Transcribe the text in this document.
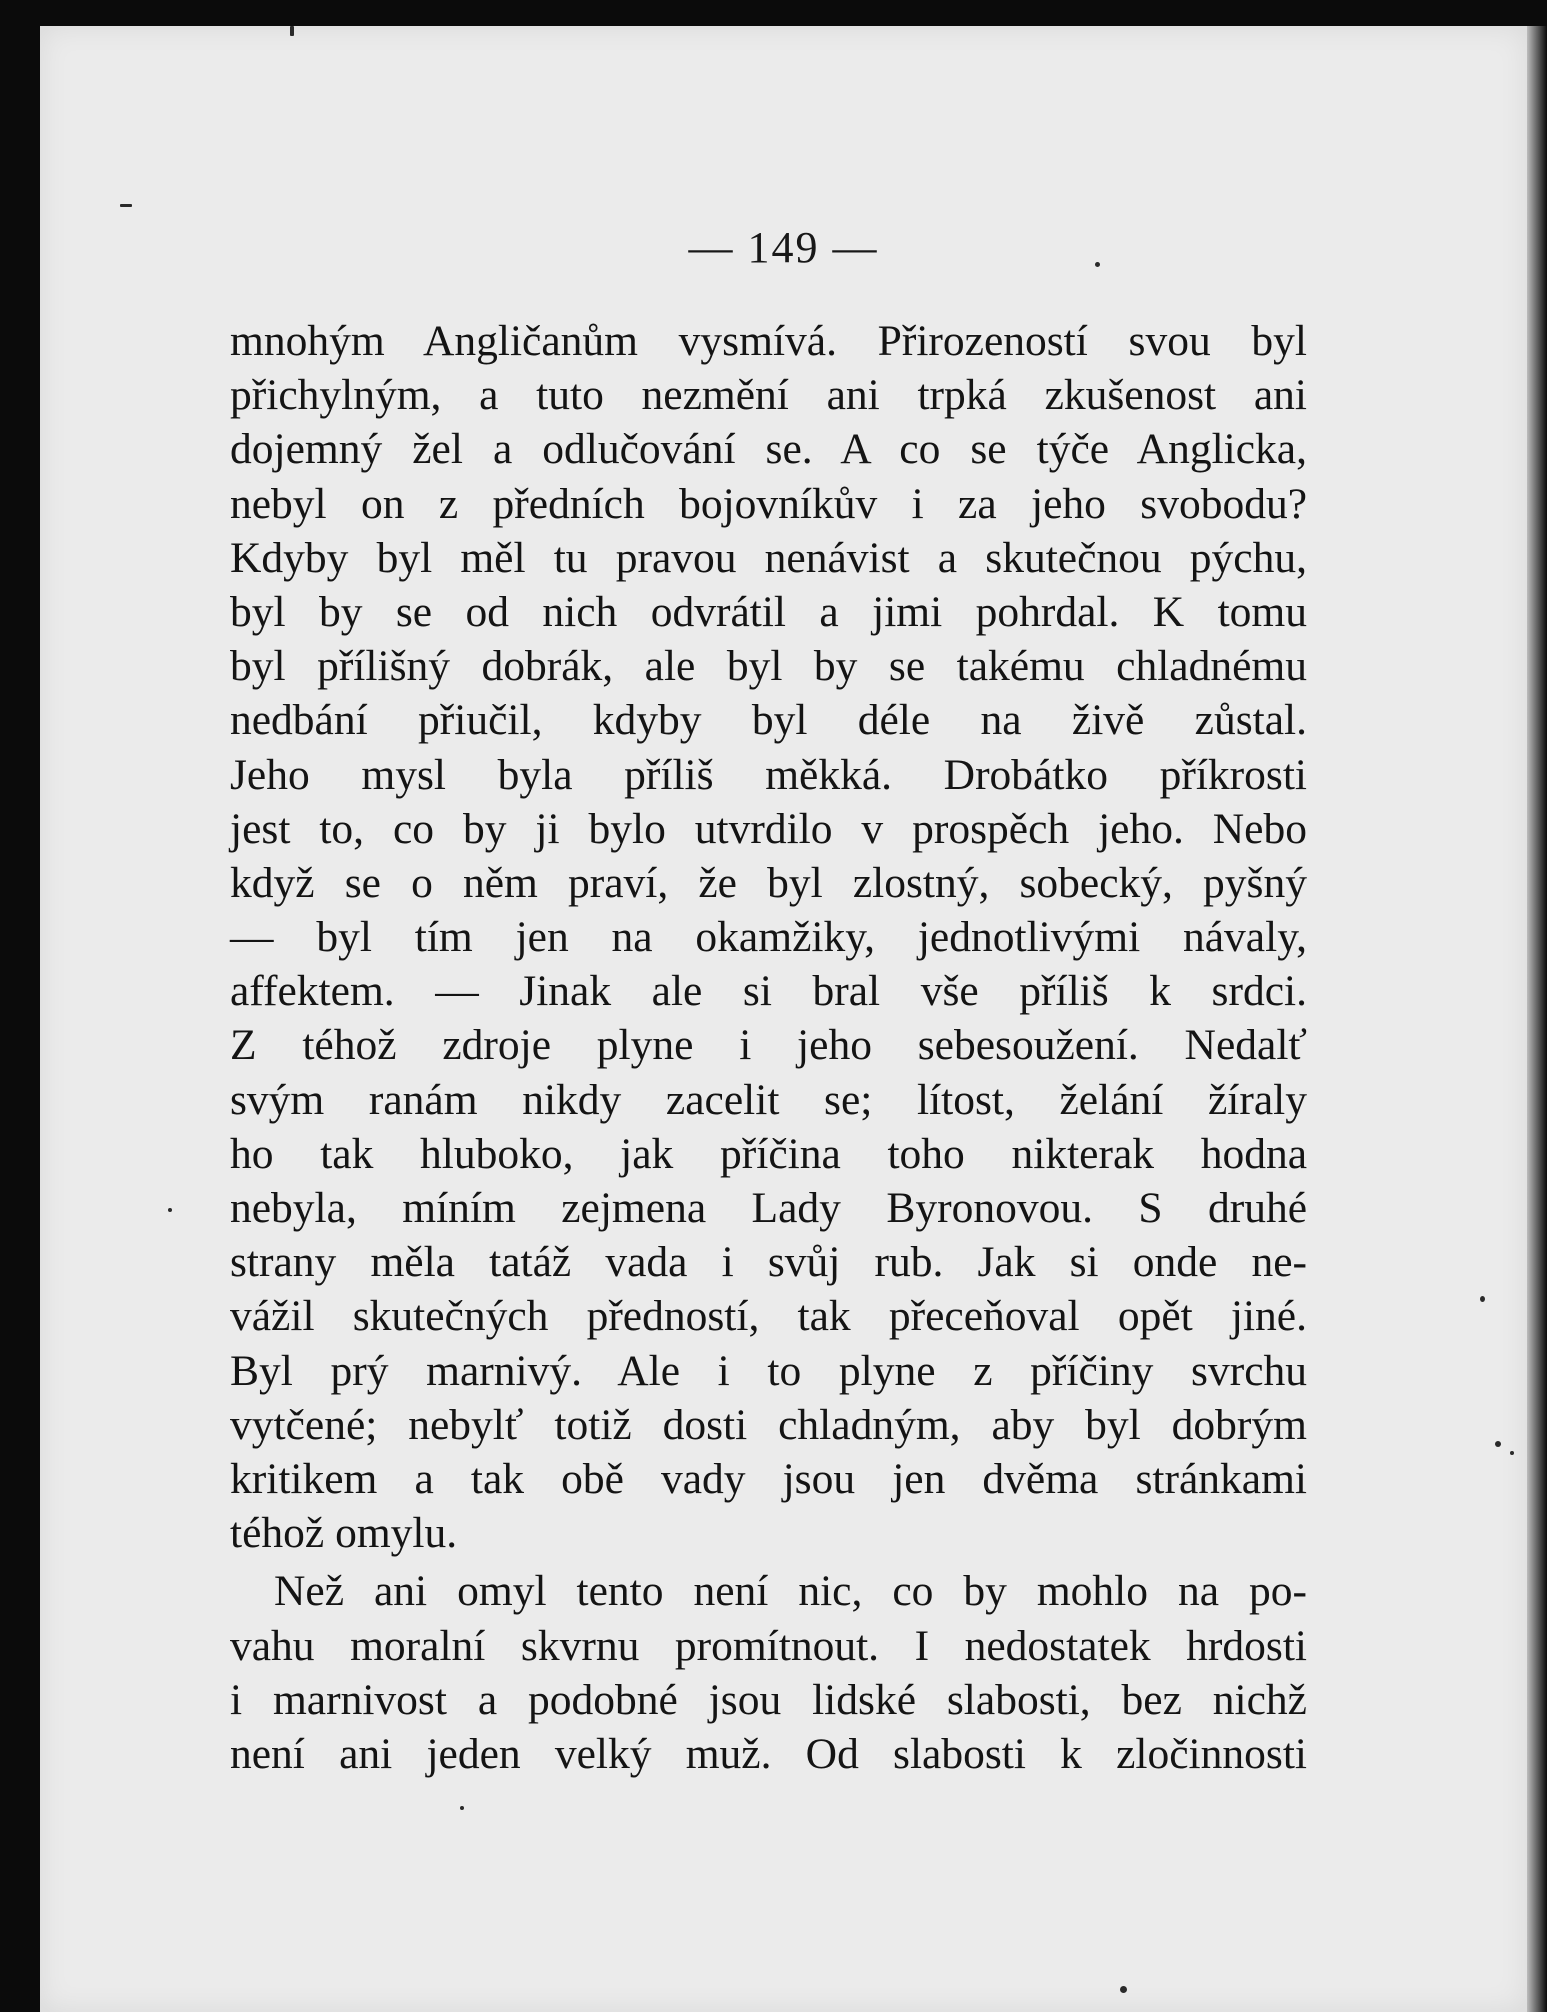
— 149 —
mnohým Angličanům vysmívá. Přirozeností svou byl
přichylným, a tuto nezmění ani trpká zkušenost ani
dojemný žel a odlučování se. A co se týče Anglicka,
nebyl on z předních bojovníkův i za jeho svobodu?
Kdyby byl měl tu pravou nenávist a skutečnou pýchu,
byl by se od nich odvrátil a jimi pohrdal. K tomu
byl přílišný dobrák, ale byl by se takému chladnému
nedbání přiučil, kdyby byl déle na živě zůstal.
Jeho mysl byla příliš měkká. Drobátko příkrosti
jest to, co by ji bylo utvrdilo v prospěch jeho. Nebo
když se o něm praví, že byl zlostný, sobecký, pyšný
— byl tím jen na okamžiky, jednotlivými návaly,
affektem. — Jinak ale si bral vše příliš k srdci.
Z téhož zdroje plyne i jeho sebesoužení. Nedalť
svým ranám nikdy zacelit se; lítost, želání žíraly
ho tak hluboko, jak příčina toho nikterak hodna
nebyla, míním zejmena Lady Byronovou. S druhé
strany měla tatáž vada i svůj rub. Jak si onde ne-
vážil skutečných předností, tak přeceňoval opět jiné.
Byl prý marnivý. Ale i to plyne z příčiny svrchu
vytčené; nebylť totiž dosti chladným, aby byl dobrým
kritikem a tak obě vady jsou jen dvěma stránkami
téhož omylu.
Než ani omyl tento není nic, co by mohlo na po-
vahu moralní skvrnu promítnout. I nedostatek hrdosti
i marnivost a podobné jsou lidské slabosti, bez nichž
není ani jeden velký muž. Od slabosti k zločinnosti
